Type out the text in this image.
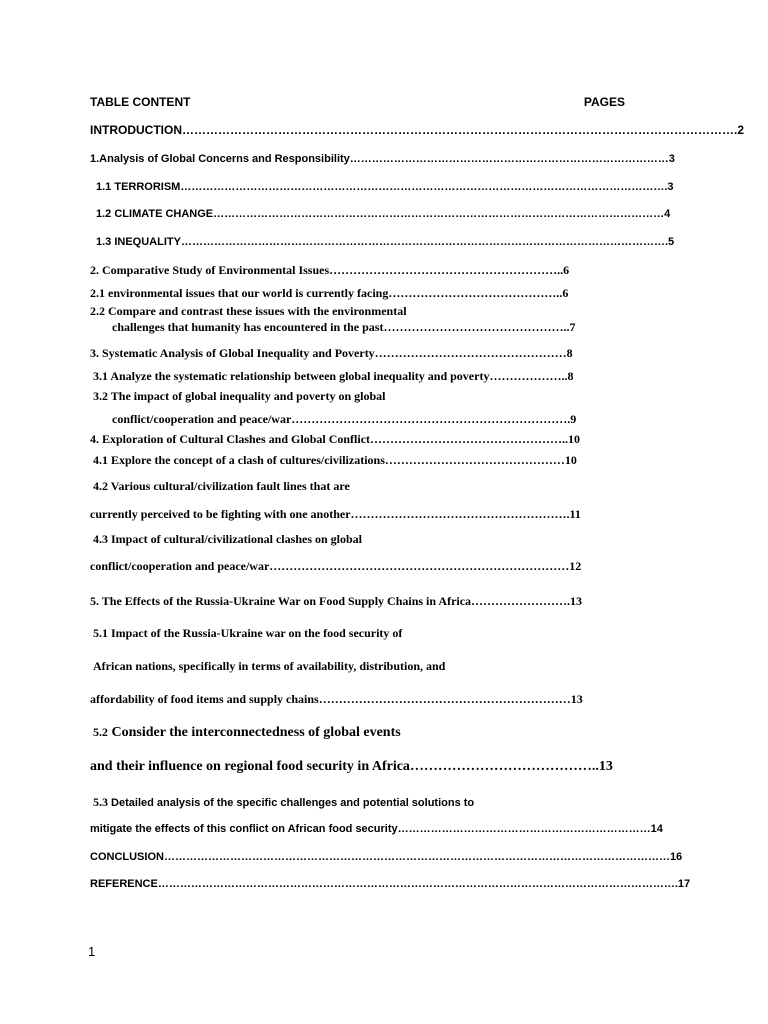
TABLE CONTENT	PAGES
INTRODUCTION………………………………………………………………………………………………………………………….2
1.Analysis of Global Concerns and Responsibility……………………………………………………………………………3
1.1 TERRORISM…………………………………………………………………………………………………………………….3
1.2 CLIMATE CHANGE……………………………………………………………………………………………………………4
1.3 INEQUALITY…………………………………………………………………………………………………………………….5
2. Comparative Study of Environmental Issues…………………………………………………..6
2.1 environmental issues that our world is currently facing……………………………………..6
2.2 Compare and contrast these issues with the environmental
challenges that humanity has encountered in the past………………………………………..7
3. Systematic Analysis of Global Inequality and Poverty…………………………………………8
3.1 Analyze the systematic relationship between global inequality and poverty………………..8
3.2 The impact of global inequality and poverty on global
conflict/cooperation and peace/war…………………………………………………………….9
4. Exploration of Cultural Clashes and Global Conflict…………………………………………..10
4.1 Explore the concept of a clash of cultures/civilizations………………………………………10
4.2 Various cultural/civilization fault lines that are
currently perceived to be fighting with one another……………………………………………….11
4.3 Impact of cultural/civilizational clashes on global
conflict/cooperation and peace/war…………………………………………………………………12
5. The Effects of the Russia-Ukraine War on Food Supply Chains in Africa…………………….13
5.1 Impact of the Russia-Ukraine war on the food security of
African nations, specifically in terms of availability, distribution, and
affordability of food items and supply chains………………………………………………………13
5.2 Consider the interconnectedness of global events
and their influence on regional food security in Africa…………………………………..13
5.3 Detailed analysis of the specific challenges and potential solutions to
mitigate the effects of this conflict on African food security……………………………………………………………14
CONCLUSION…………………………………………………………………………………………………………………………16
REFERENCE…………………………………………………………………………………………………………………………….17
1
